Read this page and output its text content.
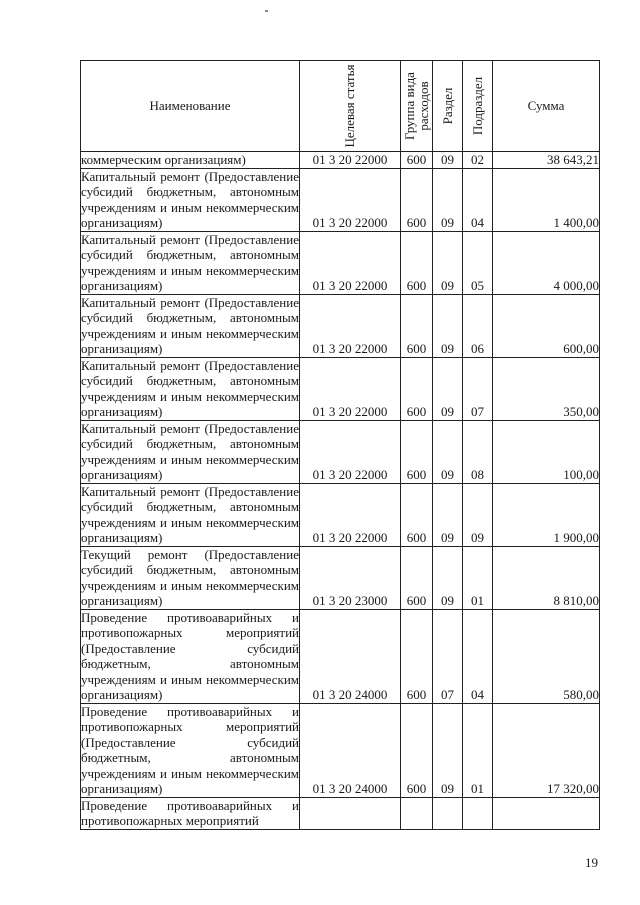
Наименование	Целевая статья	Группа вида расходов	Раздел	Подраздел	Сумма
коммерческим организациям)	01 3 20 22000	600	09	02	38 643,21
Капитальный ремонт (Предоставление субсидий бюджетным, автономным учреждениям и иным некоммерческим организациям)	01 3 20 22000	600	09	04	1 400,00
Капитальный ремонт (Предоставление субсидий бюджетным, автономным учреждениям и иным некоммерческим организациям)	01 3 20 22000	600	09	05	4 000,00
Капитальный ремонт (Предоставление субсидий бюджетным, автономным учреждениям и иным некоммерческим организациям)	01 3 20 22000	600	09	06	600,00
Капитальный ремонт (Предоставление субсидий бюджетным, автономным учреждениям и иным некоммерческим организациям)	01 3 20 22000	600	09	07	350,00
Капитальный ремонт (Предоставление субсидий бюджетным, автономным учреждениям и иным некоммерческим организациям)	01 3 20 22000	600	09	08	100,00
Капитальный ремонт (Предоставление субсидий бюджетным, автономным учреждениям и иным некоммерческим организациям)	01 3 20 22000	600	09	09	1 900,00
Текущий ремонт (Предоставление субсидий бюджетным, автономным учреждениям и иным некоммерческим организациям)	01 3 20 23000	600	09	01	8 810,00
Проведение противоаварийных и противопожарных мероприятий (Предоставление субсидий бюджетным, автономным учреждениям и иным некоммерческим организациям)	01 3 20 24000	600	07	04	580,00
Проведение противоаварийных и противопожарных мероприятий (Предоставление субсидий бюджетным, автономным учреждениям и иным некоммерческим организациям)	01 3 20 24000	600	09	01	17 320,00
Проведение противоаварийных и противопожарных мероприятий					
19
